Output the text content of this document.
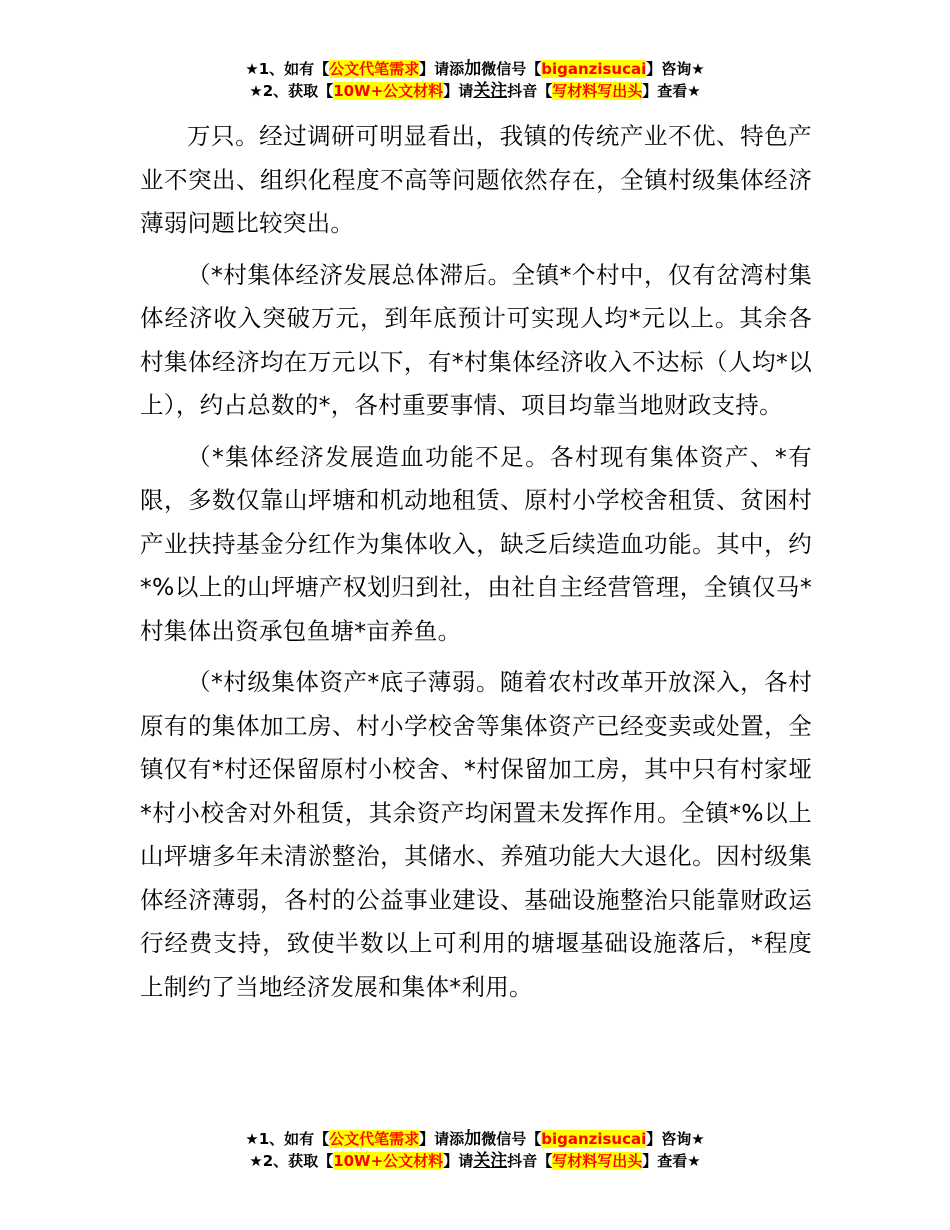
★1、如有【公文代笔需求】请添加微信号【biganzisucai】咨询★
★2、获取【10W+公文材料】请关注抖音【写材料写出头】查看★

万只。经过调研可明显看出，我镇的传统产业不优、特色产业不突出、组织化程度不高等问题依然存在，全镇村级集体经济薄弱问题比较突出。

（*村集体经济发展总体滞后。全镇*个村中，仅有岔湾村集体经济收入突破万元，到年底预计可实现人均*元以上。其余各村集体经济均在万元以下，有*村集体经济收入不达标（人均*以上），约占总数的*，各村重要事情、项目均靠当地财政支持。

（*集体经济发展造血功能不足。各村现有集体资产、*有限，多数仅靠山坪塘和机动地租赁、原村小学校舍租赁、贫困村产业扶持基金分红作为集体收入，缺乏后续造血功能。其中，约*%以上的山坪塘产权划归到社，由社自主经营管理，全镇仅马*村集体出资承包鱼塘*亩养鱼。

（*村级集体资产*底子薄弱。随着农村改革开放深入，各村原有的集体加工房、村小学校舍等集体资产已经变卖或处置，全镇仅有*村还保留原村小校舍、*村保留加工房，其中只有村家垭*村小校舍对外租赁，其余资产均闲置未发挥作用。全镇*%以上山坪塘多年未清淤整治，其储水、养殖功能大大退化。因村级集体经济薄弱，各村的公益事业建设、基础设施整治只能靠财政运行经费支持，致使半数以上可利用的塘堰基础设施落后，*程度上制约了当地经济发展和集体*利用。

★1、如有【公文代笔需求】请添加微信号【biganzisucai】咨询★
★2、获取【10W+公文材料】请关注抖音【写材料写出头】查看★
